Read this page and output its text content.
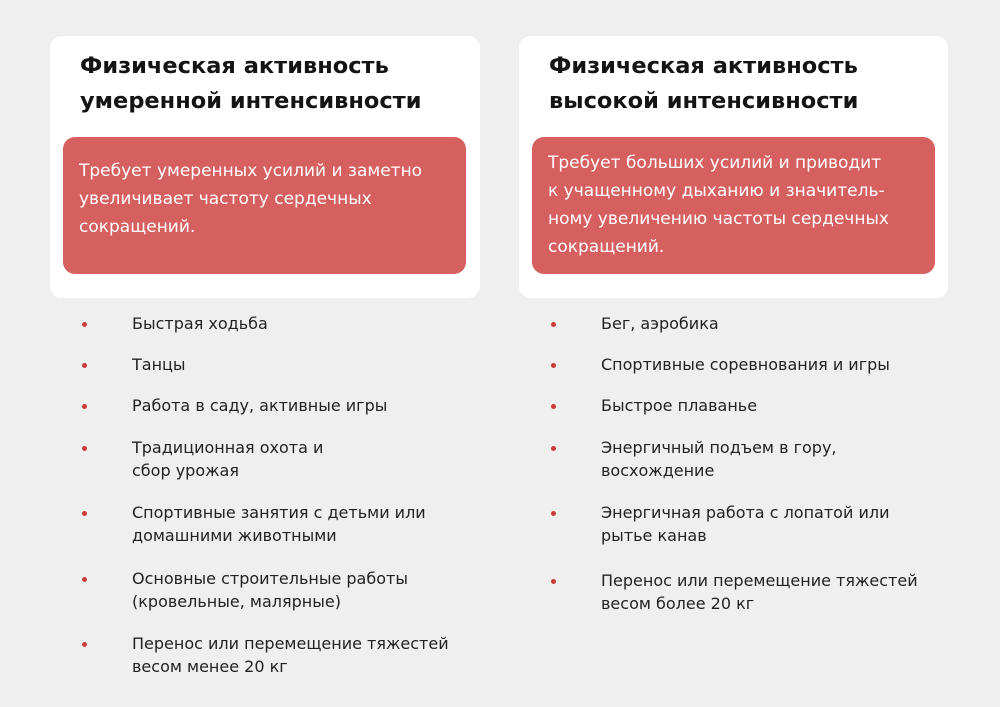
Физическая активность
умеренной интенсивности
Требует умеренных усилий и заметно
увеличивает частоту сердечных
сокращений.
Физическая активность
высокой интенсивности
Требует больших усилий и приводит
к учащенному дыханию и значитель-
ному увеличению частоты сердечных
сокращений.
Быстрая ходьба
Танцы
Работа в саду, активные игры
Традиционная охота и
сбор урожая
Спортивные занятия с детьми или
домашними животными
Основные строительные работы
(кровельные, малярные)
Перенос или перемещение тяжестей
весом менее 20 кг
Бег, аэробика
Спортивные соревнования и игры
Быстрое плаванье
Энергичный подъем в гору,
восхождение
Энергичная работа с лопатой или
рытье канав
Перенос или перемещение тяжестей
весом более 20 кг
